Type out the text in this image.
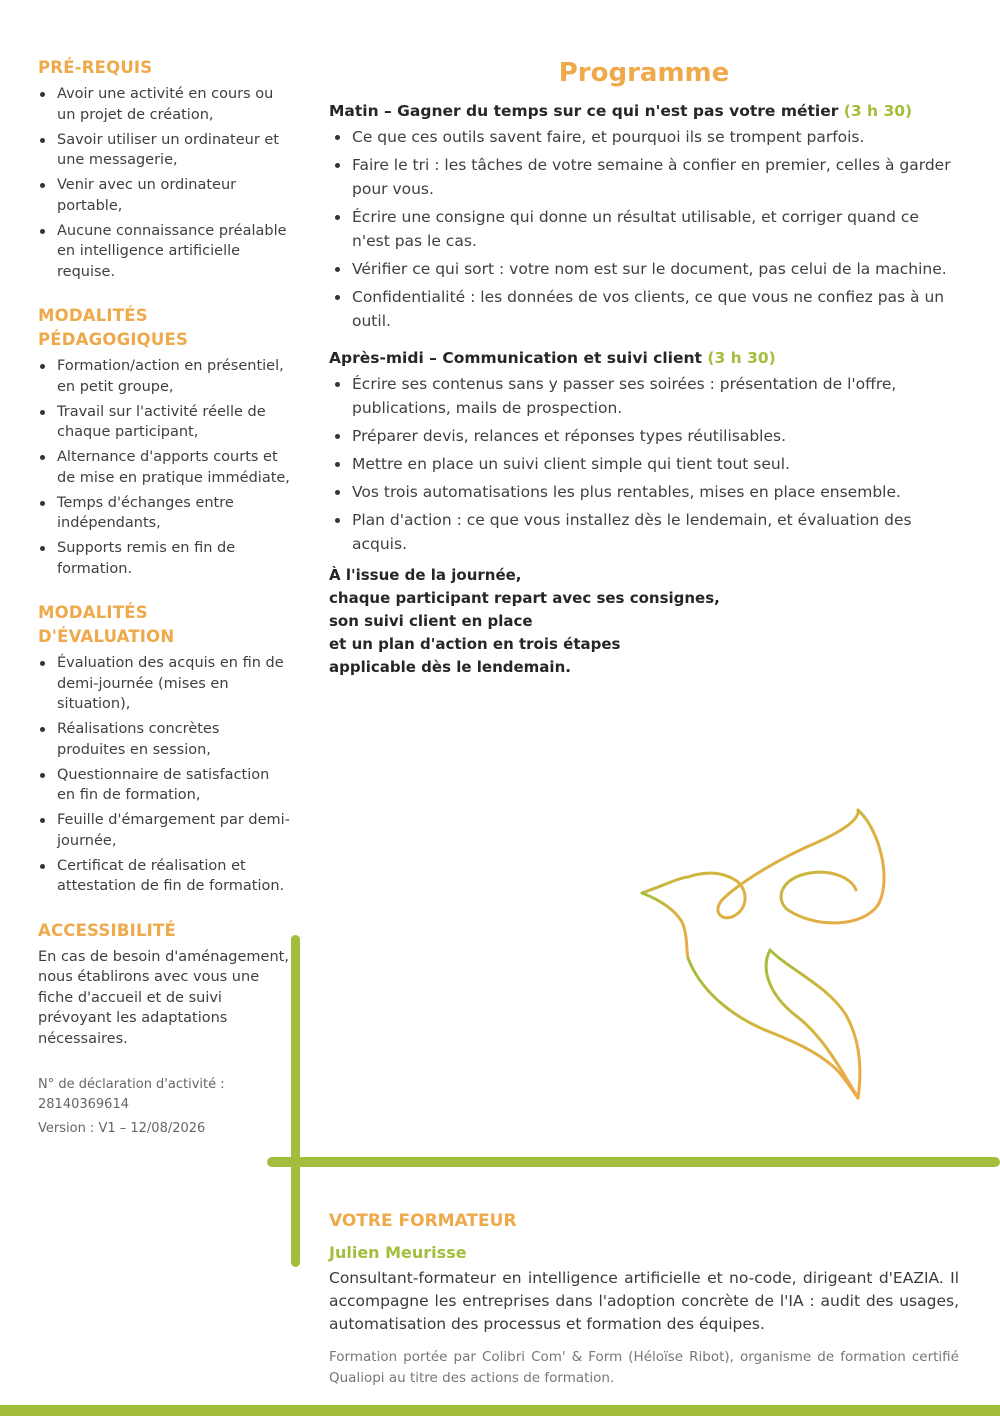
PRÉ-REQUIS
Avoir une activité en cours ou un projet de création,
Savoir utiliser un ordinateur et une messagerie,
Venir avec un ordinateur portable,
Aucune connaissance préalable en intelligence artificielle requise.
MODALITÉS
PÉDAGOGIQUES
Formation/action en présentiel, en petit groupe,
Travail sur l'activité réelle de chaque participant,
Alternance d'apports courts et de mise en pratique immédiate,
Temps d'échanges entre indépendants,
Supports remis en fin de formation.
MODALITÉS D'ÉVALUATION
Évaluation des acquis en fin de demi-journée (mises en situation),
Réalisations concrètes produites en session,
Questionnaire de satisfaction en fin de formation,
Feuille d'émargement par demi-journée,
Certificat de réalisation et attestation de fin de formation.
ACCESSIBILITÉ

En cas de besoin d'aménagement, nous établirons avec vous une fiche d'accueil et de suivi prévoyant les adaptations nécessaires.

N° de déclaration d'activité : 28140369614

Version : V1 – 12/08/2026

Programme
Matin – Gagner du temps sur ce qui n'est pas votre métier (3 h 30)
Ce que ces outils savent faire, et pourquoi ils se trompent parfois.
Faire le tri : les tâches de votre semaine à confier en premier, celles à garder pour vous.
Écrire une consigne qui donne un résultat utilisable, et corriger quand ce n'est pas le cas.
Vérifier ce qui sort : votre nom est sur le document, pas celui de la machine.
Confidentialité : les données de vos clients, ce que vous ne confiez pas à un outil.
Après-midi – Communication et suivi client (3 h 30)
Écrire ses contenus sans y passer ses soirées : présentation de l'offre, publications, mails de prospection.
Préparer devis, relances et réponses types réutilisables.
Mettre en place un suivi client simple qui tient tout seul.
Vos trois automatisations les plus rentables, mises en place ensemble.
Plan d'action : ce que vous installez dès le lendemain, et évaluation des acquis.
À l'issue de la journée,
chaque participant repart avec ses consignes,
son suivi client en place
et un plan d'action en trois étapes
applicable dès le lendemain.
VOTRE FORMATEUR
Julien Meurisse

Consultant-formateur en intelligence artificielle et no-code, dirigeant d'EAZIA. Il accompagne les entreprises dans l'adoption concrète de l'IA : audit des usages, automatisation des processus et formation des équipes.

Formation portée par Colibri Com' & Form (Héloïse Ribot), organisme de formation certifié Qualiopi au titre des actions de formation.
